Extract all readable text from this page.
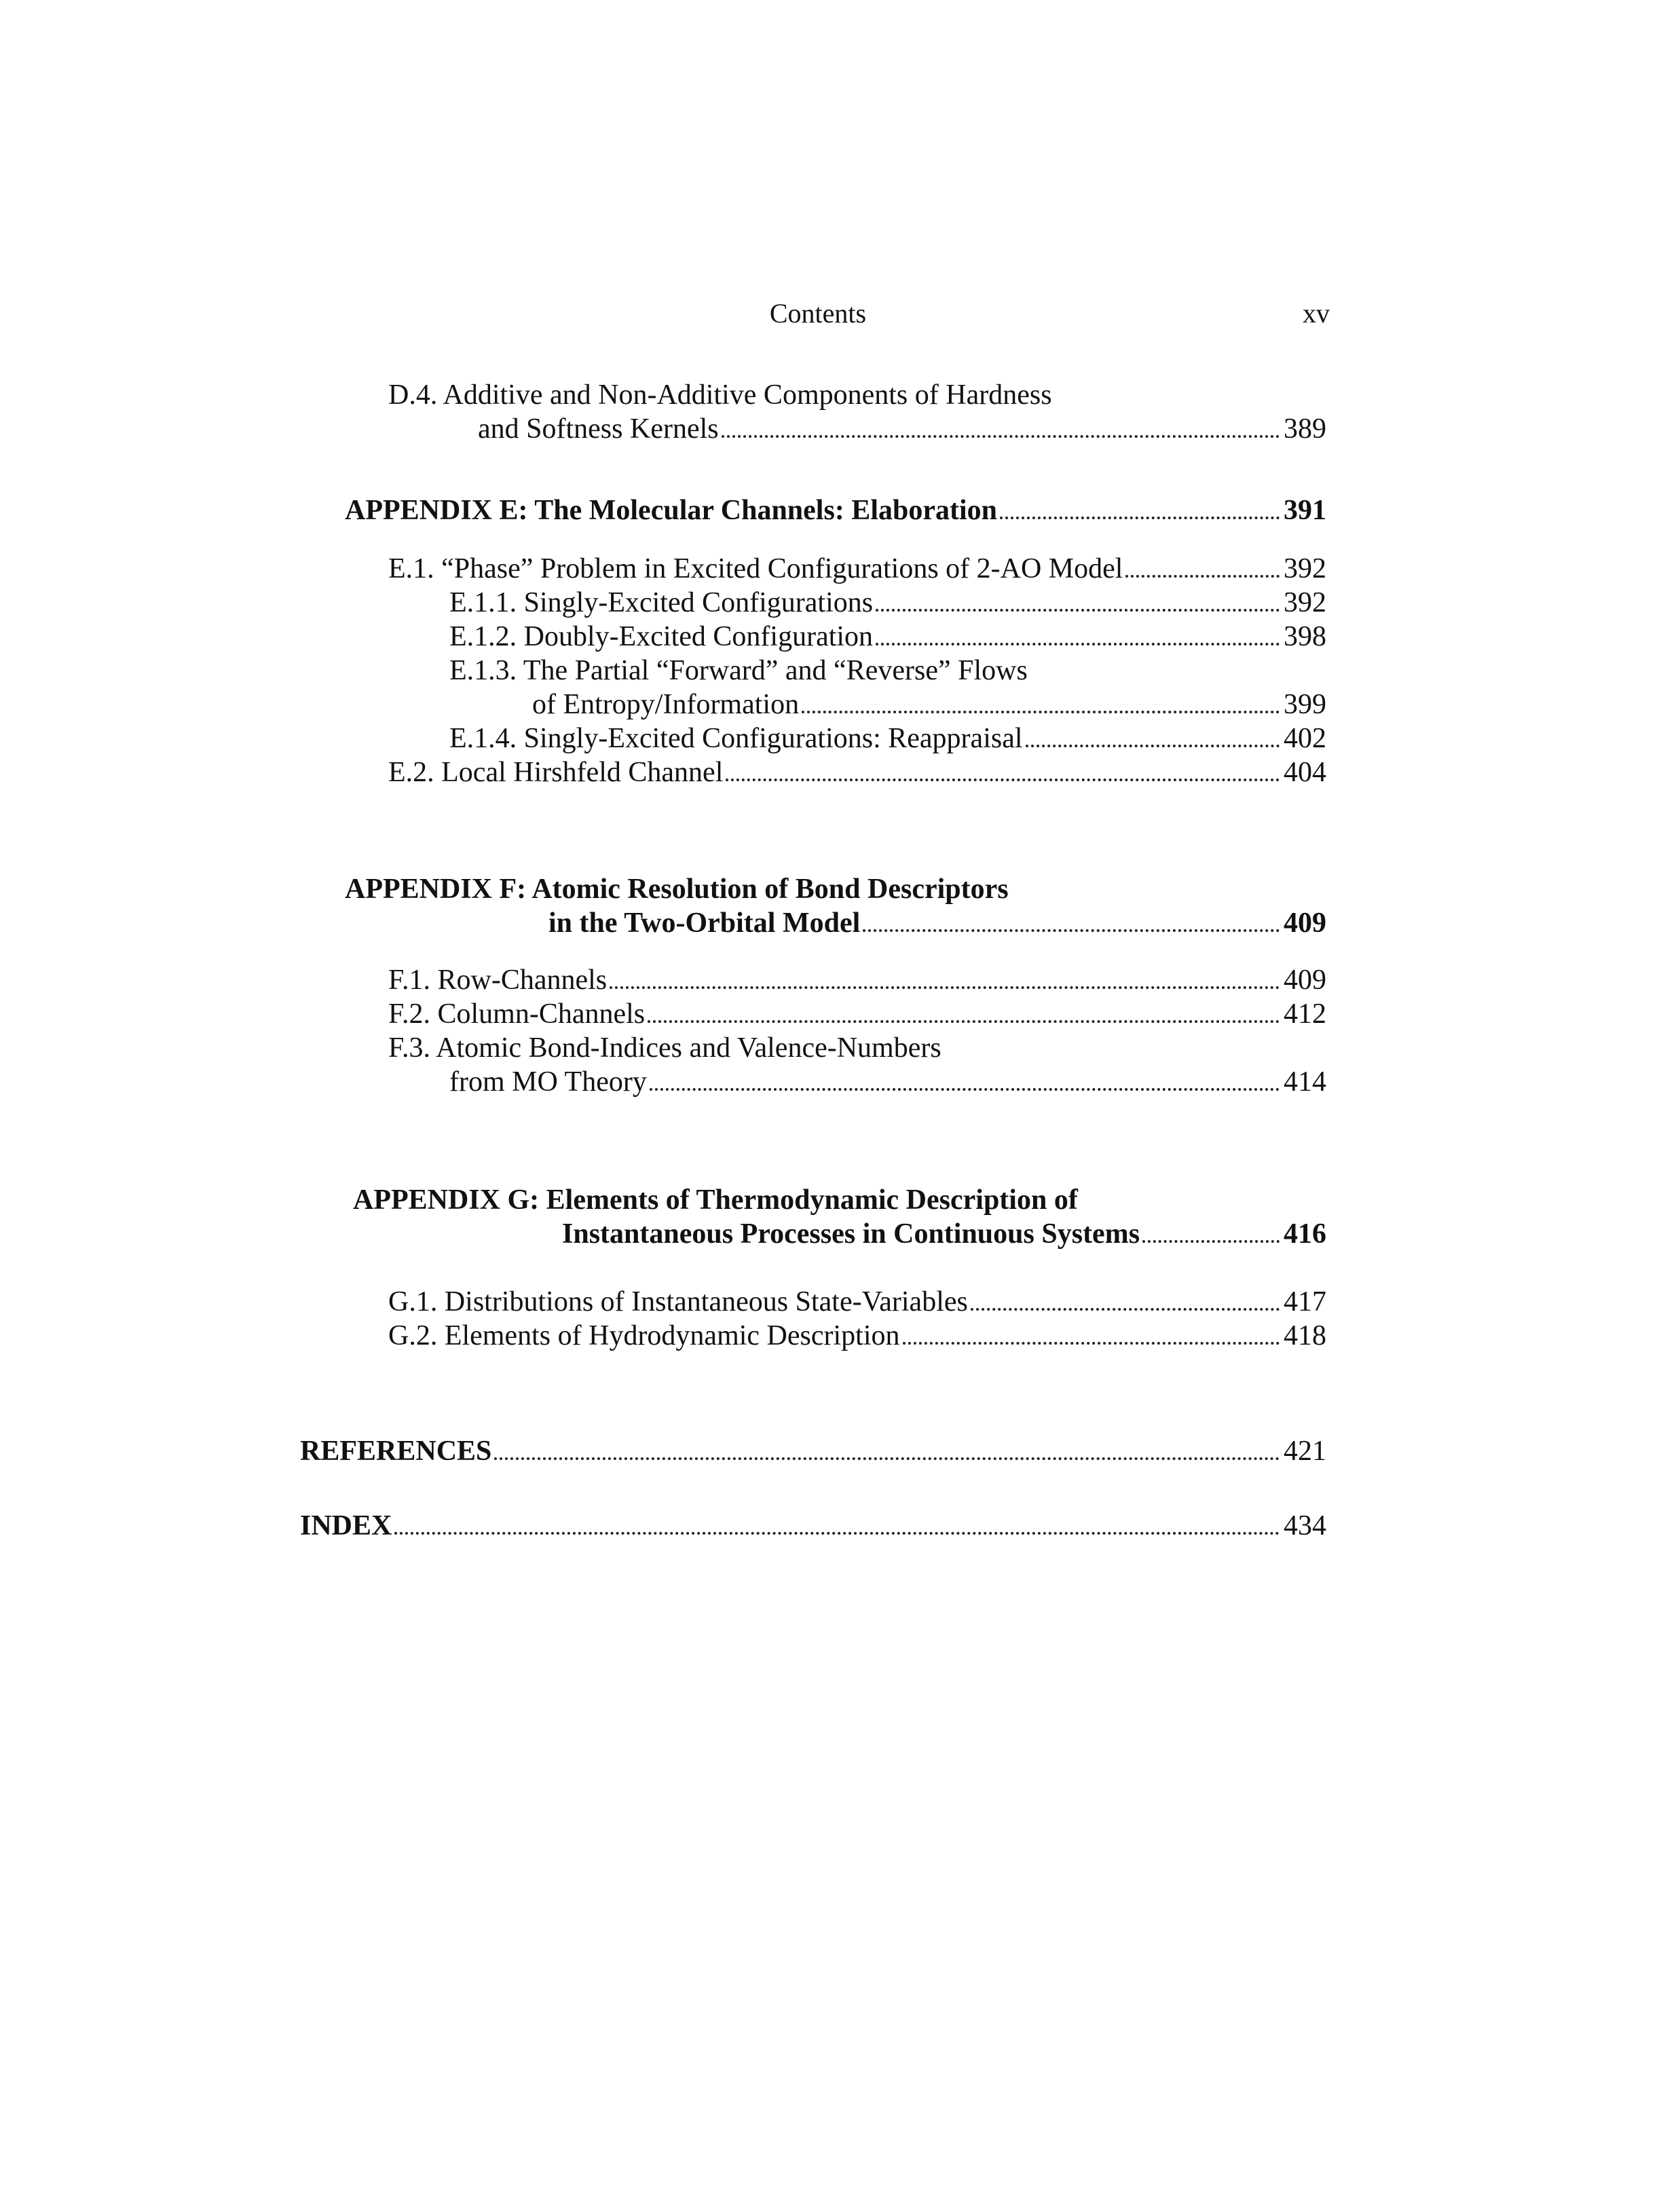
Contents	xv
D.4. Additive and Non-Additive Components of Hardness
and Softness Kernels	389
APPENDIX E: The Molecular Channels: Elaboration	391
E.1. “Phase” Problem in Excited Configurations of 2-AO Model	392
E.1.1. Singly-Excited Configurations	392
E.1.2. Doubly-Excited Configuration	398
E.1.3. The Partial “Forward” and “Reverse” Flows
of Entropy/Information	399
E.1.4. Singly-Excited Configurations: Reappraisal	402
E.2. Local Hirshfeld Channel	404
APPENDIX F: Atomic Resolution of Bond Descriptors
in the Two-Orbital Model	409
F.1. Row-Channels	409
F.2. Column-Channels	412
F.3. Atomic Bond-Indices and Valence-Numbers
from MO Theory	414
APPENDIX G: Elements of Thermodynamic Description of
Instantaneous Processes in Continuous Systems	416
G.1. Distributions of Instantaneous State-Variables	417
G.2. Elements of Hydrodynamic Description	418
REFERENCES	421
INDEX	434
